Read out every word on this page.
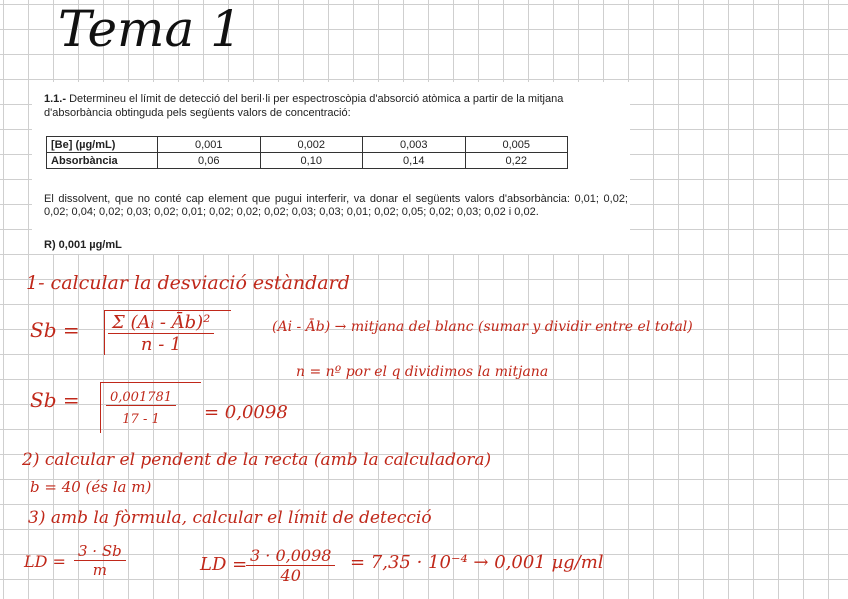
Tema 1
1.1.- Determineu el límit de detecció del beril·li per espectroscòpia d'absorció atòmica a partir de la mitjana d'absorbància obtinguda pels següents valors de concentració:
[Be] (µg/mL)	0,001	0,002	0,003	0,005
Absorbància	0,06	0,10	0,14	0,22
El dissolvent, que no conté cap element que pugui interferir, va donar el següents valors d'absorbància: 0,01; 0,02; 0,02; 0,04; 0,02; 0,03; 0,02; 0,01; 0,02; 0,02; 0,02; 0,03; 0,03; 0,01; 0,02; 0,05; 0,02; 0,03; 0,02 i 0,02.
R) 0,001 µg/mL
1- calcular la desviació estàndard
$Sb = \frac{\text{Σ (Aᵢ - Āb)²}}{n - 1}$	(Ai - Āb) → mitjana del blanc (sumar y dividir entre el total)
n = nº por el q dividimos la mitjana
$Sb = \frac{0,001781}{17 - 1} = 0,0098$
2) calcular el pendent de la recta (amb la calculadora)
b = 40 (és la m)
3) amb la fòrmula, calcular el límit de detecció
LD = $\frac{3 \cdot Sb}{m}$	LD =
$\frac{3 \cdot 0,0098}{40} = 7,35 \cdot 10^{-4} \to 0,001$ µg/ml
